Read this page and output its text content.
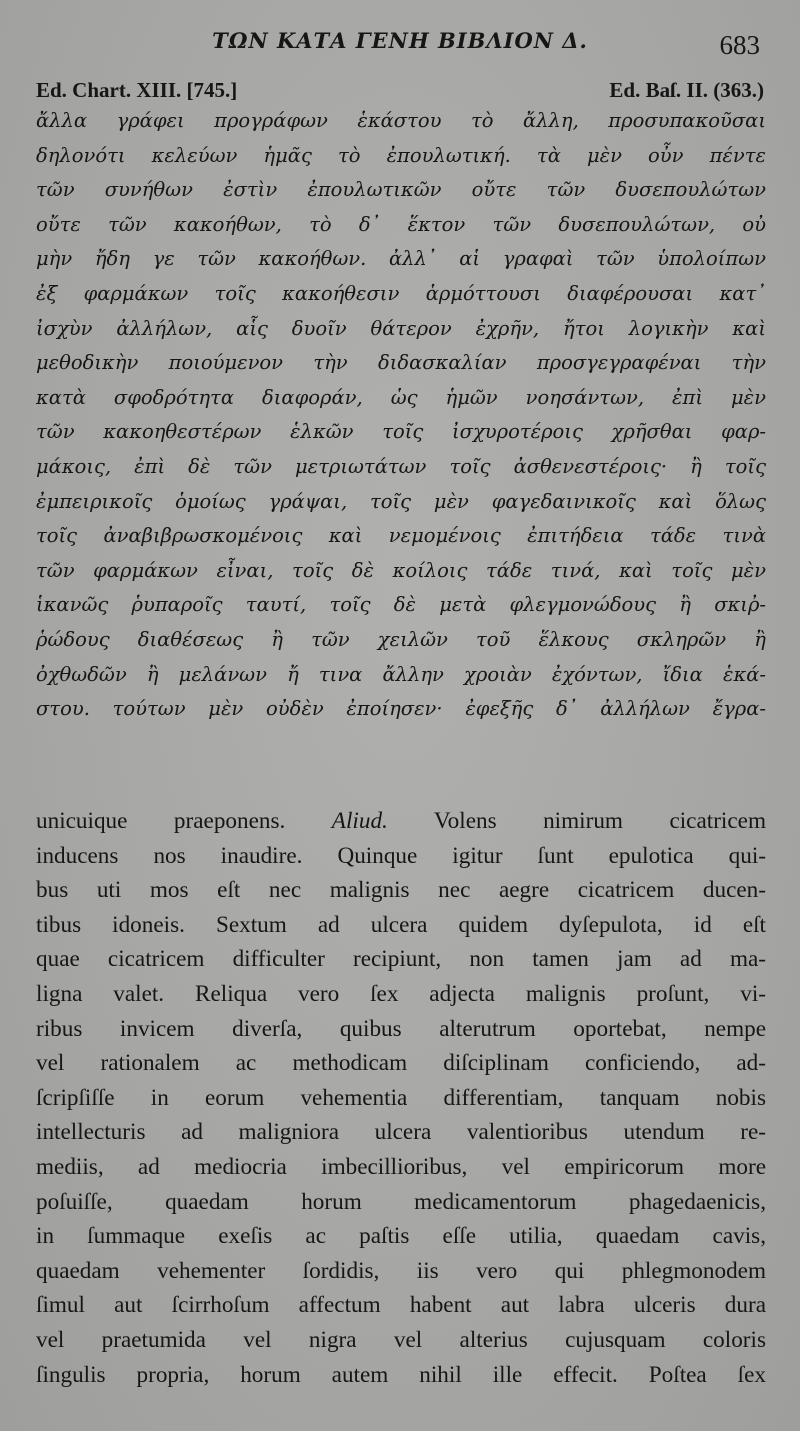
ΤΩΝ ΚΑΤΑ ΓΕΝΗ ΒΙΒΛΙΟΝ Δ.	683
Ed. Chart. XIII. [745.]	Ed. Baſ. II. (363.)
ἄλλα γράφει προγράφων ἑκάστου τὸ ἄλλη, προσυπακοῦσαι
δηλονότι κελεύων ἡμᾶς τὸ ἐπουλωτική. τὰ μὲν οὖν πέντε
τῶν συνήθων ἐστὶν ἐπουλωτικῶν οὔτε τῶν δυσεπουλώτων
οὔτε τῶν κακοήθων, τὸ δ᾽ ἕκτον τῶν δυσεπουλώτων, οὐ
μὴν ἤδη γε τῶν κακοήθων. ἀλλ᾽ αἱ γραφαὶ τῶν ὑπολοίπων
ἐξ φαρμάκων τοῖς κακοήθεσιν ἁρμόττουσι διαφέρουσαι κατ᾽
ἰσχὺν ἀλλήλων, αἷς δυοῖν θάτερον ἐχρῆν, ἤτοι λογικὴν καὶ
μεθοδικὴν ποιούμενον τὴν διδασκαλίαν προσγεγραφέναι τὴν
κατὰ σφοδρότητα διαφοράν, ὡς ἡμῶν νοησάντων, ἐπὶ μὲν
τῶν κακοηθεστέρων ἑλκῶν τοῖς ἰσχυροτέροις χρῆσθαι φαρ-
μάκοις, ἐπὶ δὲ τῶν μετριωτάτων τοῖς ἀσθενεστέροις· ἢ τοῖς
ἐμπειρικοῖς ὁμοίως γράψαι, τοῖς μὲν φαγεδαινικοῖς καὶ ὅλως
τοῖς ἀναβιβρωσκομένοις καὶ νεμομένοις ἐπιτήδεια τάδε τινὰ
τῶν φαρμάκων εἶναι, τοῖς δὲ κοίλοις τάδε τινά, καὶ τοῖς μὲν
ἱκανῶς ῥυπαροῖς ταυτί, τοῖς δὲ μετὰ φλεγμονώδους ἢ σκιῤ-
ῥώδους διαθέσεως ἢ τῶν χειλῶν τοῦ ἕλκους σκληρῶν ἢ
ὀχθωδῶν ἢ μελάνων ἤ τινα ἄλλην χροιὰν ἐχόντων, ἴδια ἑκά-
στου. τούτων μὲν οὐδὲν ἐποίησεν· ἐφεξῆς δ᾽ ἀλλήλων ἔγρα-
unicuique praeponens. Aliud. Volens nimirum cicatricem
inducens nos inaudire. Quinque igitur ſunt epulotica qui-
bus uti mos eſt nec malignis nec aegre cicatricem ducen-
tibus idoneis. Sextum ad ulcera quidem dyſepulota, id eſt
quae cicatricem difficulter recipiunt, non tamen jam ad ma-
ligna valet. Reliqua vero ſex adjecta malignis proſunt, vi-
ribus invicem diverſa, quibus alterutrum oportebat, nempe
vel rationalem ac methodicam diſciplinam conficiendo, ad-
ſcripſiſſe in eorum vehementia differentiam, tanquam nobis
intellecturis ad maligniora ulcera valentioribus utendum re-
mediis, ad mediocria imbecillioribus, vel empiricorum more
poſuiſſe, quaedam horum medicamentorum phagedaenicis,
in ſummaque exeſis ac paſtis eſſe utilia, quaedam cavis,
quaedam vehementer ſordidis, iis vero qui phlegmonodem
ſimul aut ſcirrhoſum affectum habent aut labra ulceris dura
vel praetumida vel nigra vel alterius cujusquam coloris
ſingulis propria, horum autem nihil ille effecit. Poſtea ſex
